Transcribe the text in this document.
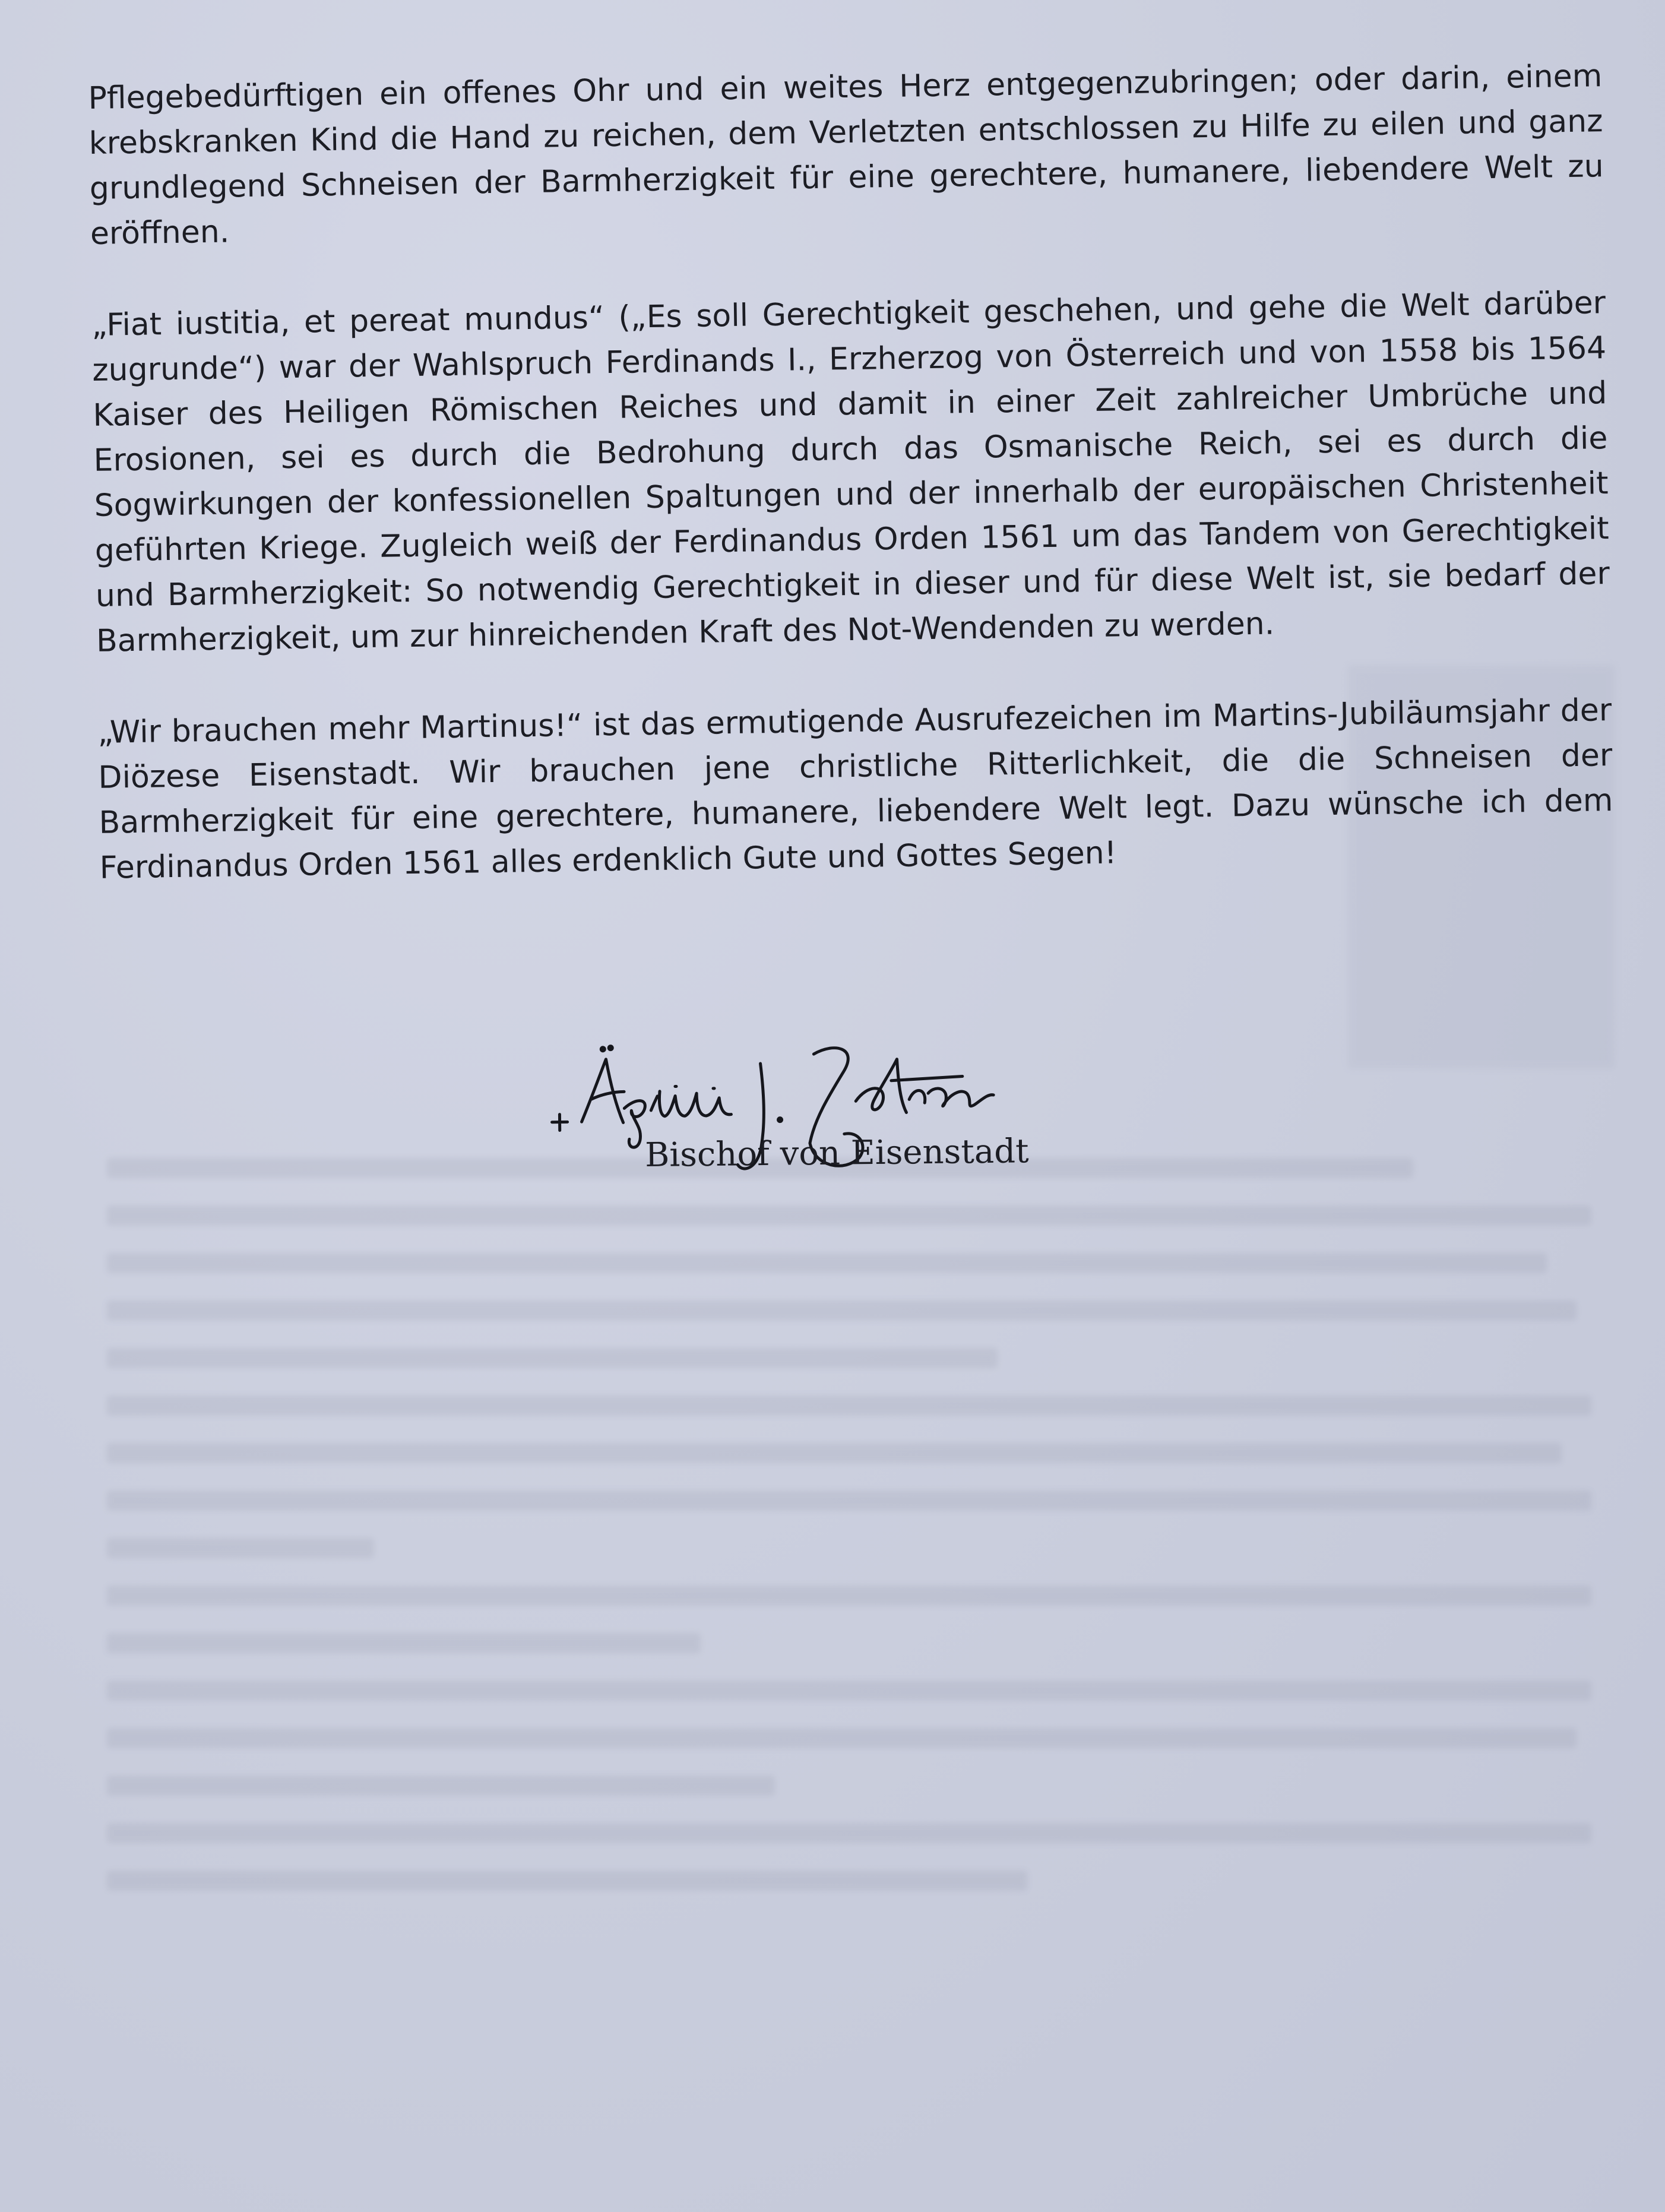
Pflegebedürftigen ein offenes Ohr und ein weites Herz entgegenzubringen; oder darin, einem krebskranken Kind die Hand zu reichen, dem Verletzten entschlossen zu Hilfe zu eilen und ganz grundlegend Schneisen der Barmherzigkeit für eine gerechtere, humanere, liebendere Welt zu eröffnen.

„Fiat iustitia, et pereat mundus“ („Es soll Gerechtigkeit geschehen, und gehe die Welt darüber zugrunde“) war der Wahlspruch Ferdinands I., Erzherzog von Österreich und von 1558 bis 1564 Kaiser des Heiligen Römischen Reiches und damit in einer Zeit zahlreicher Umbrüche und Erosionen, sei es durch die Bedrohung durch das Osmanische Reich, sei es durch die Sogwirkungen der konfessionellen Spaltungen und der innerhalb der europäischen Christenheit geführten Kriege. Zugleich weiß der Ferdinandus Orden 1561 um das Tandem von Gerechtigkeit und Barmherzigkeit: So notwendig Gerechtigkeit in dieser und für diese Welt ist, sie bedarf der Barmherzigkeit, um zur hinreichenden Kraft des Not-Wendenden zu werden.

„Wir brauchen mehr Martinus!“ ist das ermutigende Ausrufezeichen im Martins-Jubiläumsjahr der Diözese Eisenstadt. Wir brauchen jene christliche Ritterlichkeit, die die Schneisen der Barmherzigkeit für eine gerechtere, humanere, liebendere Welt legt. Dazu wünsche ich dem Ferdinandus Orden 1561 alles erdenklich Gute und Gottes Segen!

Bischof von Eisenstadt
